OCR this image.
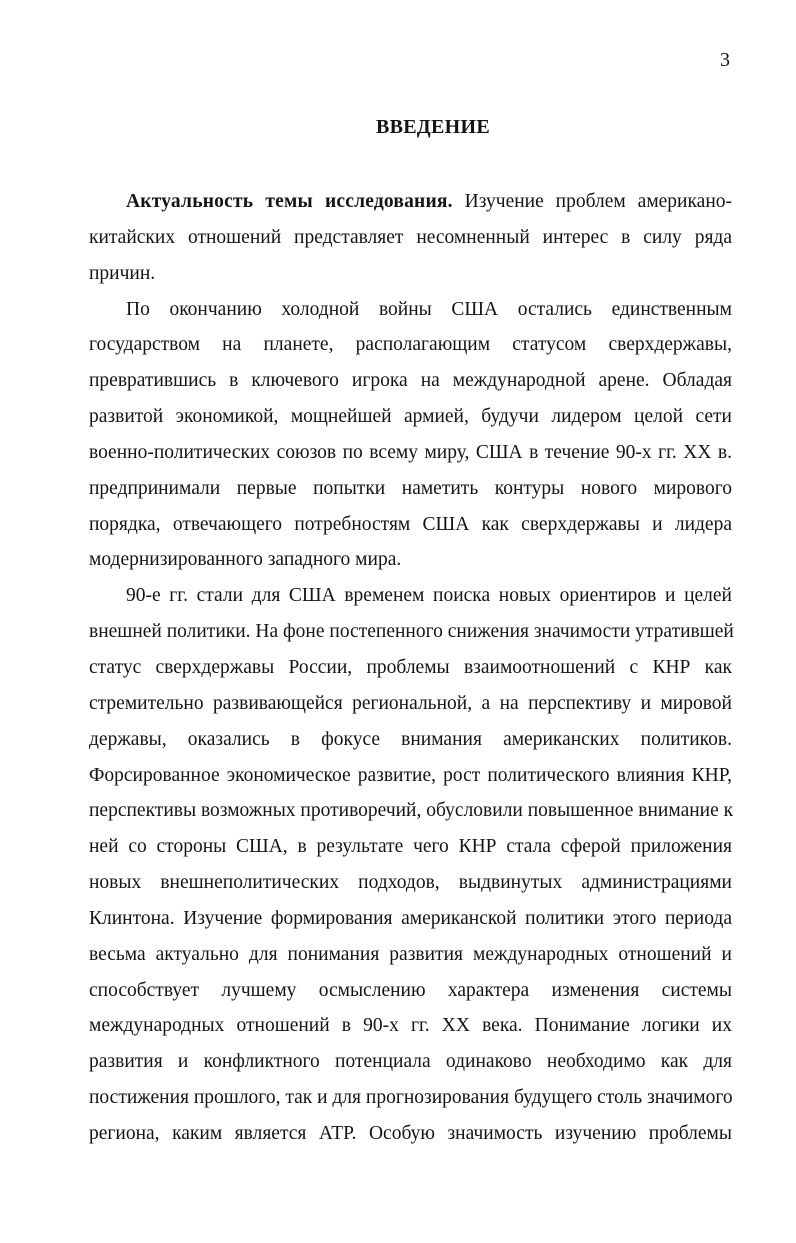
3
ВВЕДЕНИЕ
Актуальность темы исследования. Изучение проблем американо-
китайских отношений представляет несомненный интерес в силу ряда
причин.
По окончанию холодной войны США остались единственным
государством на планете, располагающим статусом сверхдержавы,
превратившись в ключевого игрока на международной арене. Обладая
развитой экономикой, мощнейшей армией, будучи лидером целой сети
военно-политических союзов по всему миру, США в течение 90-х гг. XX в.
предпринимали первые попытки наметить контуры нового мирового
порядка, отвечающего потребностям США как сверхдержавы и лидера
модернизированного западного мира.
90-е гг. стали для США временем поиска новых ориентиров и целей
внешней политики. На фоне постепенного снижения значимости утратившей
статус сверхдержавы России, проблемы взаимоотношений с КНР как
стремительно развивающейся региональной, а на перспективу и мировой
державы, оказались в фокусе внимания американских политиков.
Форсированное экономическое развитие, рост политического влияния КНР,
перспективы возможных противоречий, обусловили повышенное внимание к
ней со стороны США, в результате чего КНР стала сферой приложения
новых внешнеполитических подходов, выдвинутых администрациями
Клинтона. Изучение формирования американской политики этого периода
весьма актуально для понимания развития международных отношений и
способствует лучшему осмыслению характера изменения системы
международных отношений в 90-х гг. XX века. Понимание логики их
развития и конфликтного потенциала одинаково необходимо как для
постижения прошлого, так и для прогнозирования будущего столь значимого
региона, каким является АТР. Особую значимость изучению проблемы
